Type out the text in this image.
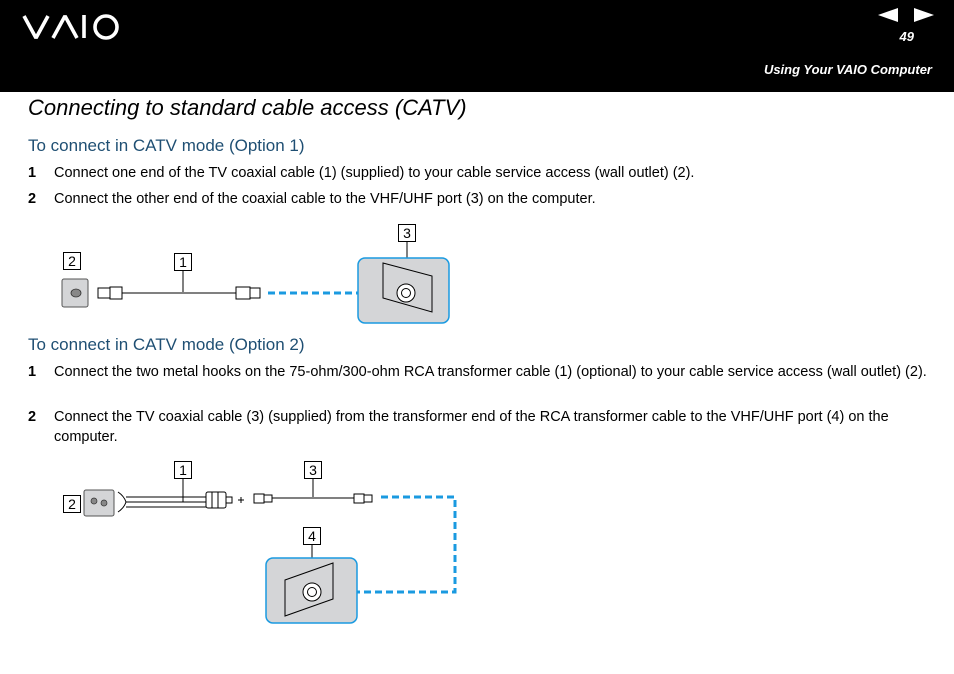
49
Using Your VAIO Computer
Connecting to standard cable access (CATV)
To connect in CATV mode (Option 1)
1 Connect one end of the TV coaxial cable (1) (supplied) to your cable service access (wall outlet) (2).
2 Connect the other end of the coaxial cable to the VHF/UHF port (3) on the computer.
2	1
3
To connect in CATV mode (Option 2)
1 Connect the two metal hooks on the 75-ohm/300-ohm RCA transformer cable (1) (optional) to your cable service access (wall outlet) (2).
2 Connect the TV coaxial cable (3) (supplied) from the transformer end of the RCA transformer cable to the VHF/UHF port (4) on the computer.
2
1	3
4
